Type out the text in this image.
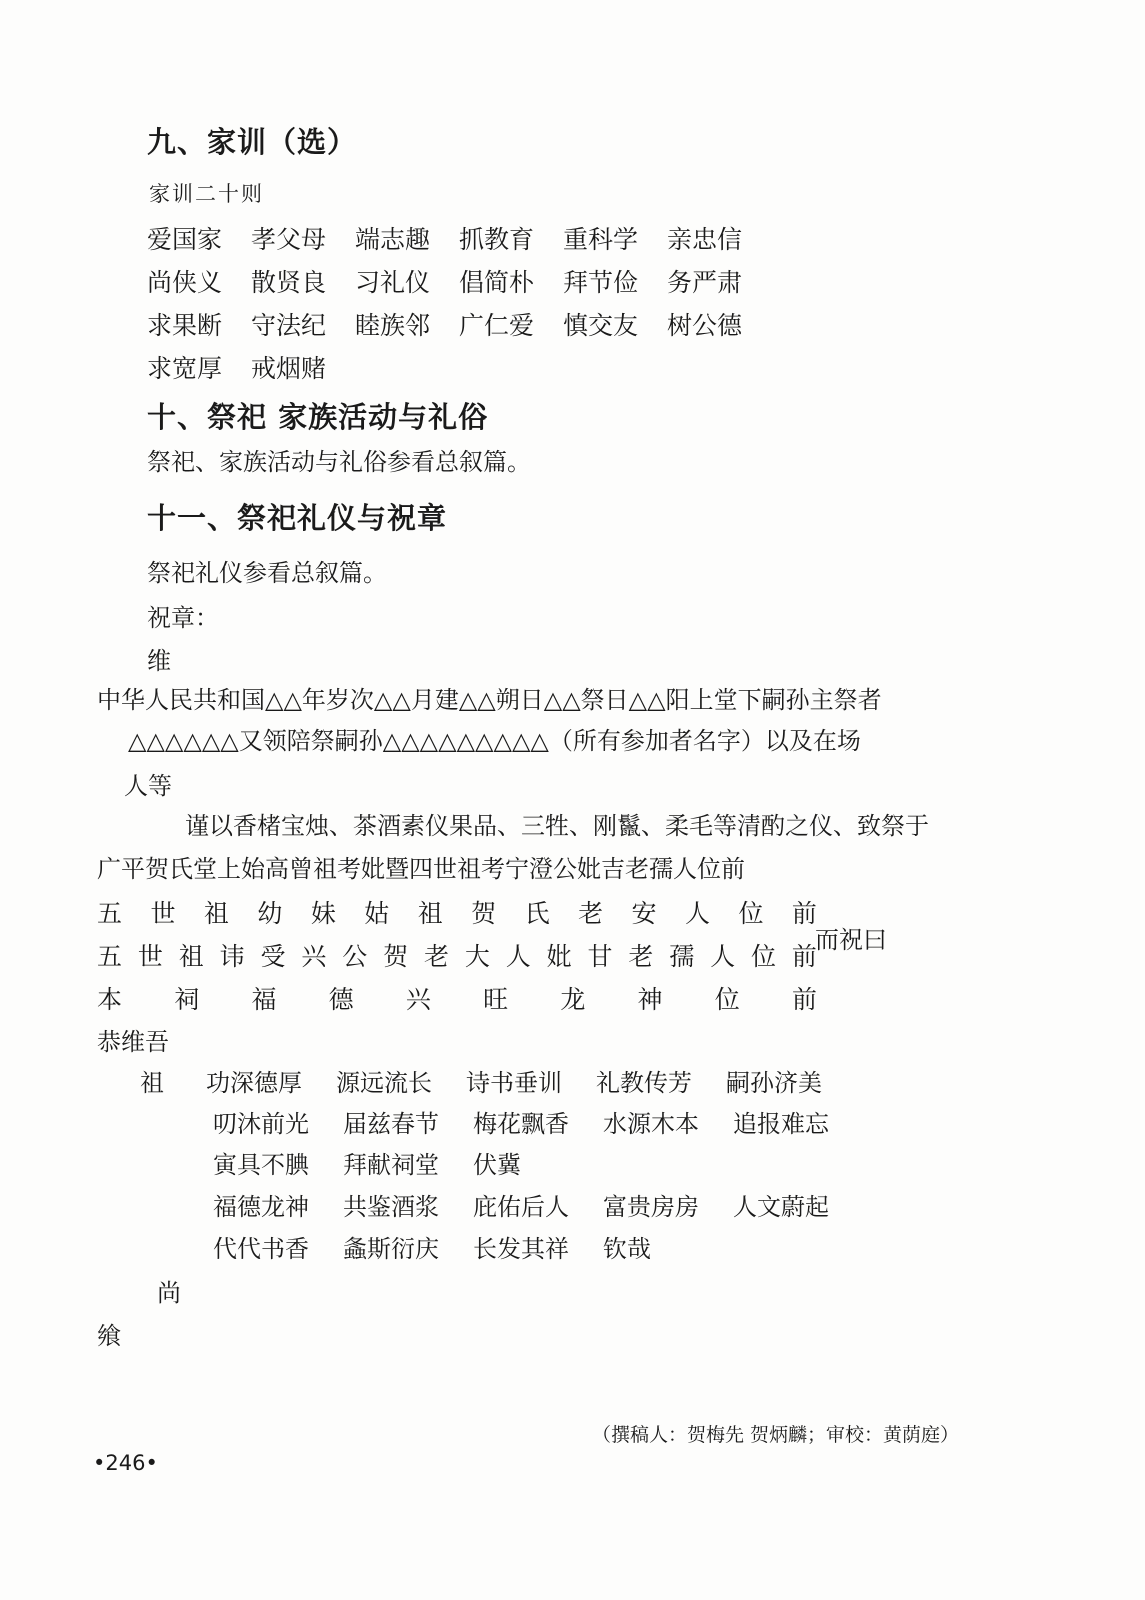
九、家训（选）
家训二十则
爱国家	孝父母	端志趣	抓教育	重科学	亲忠信
尚侠义	散贤良	习礼仪	倡简朴	拜节俭	务严肃
求果断	守法纪	睦族邻	广仁爱	慎交友	树公德
求宽厚	戒烟赌
十、祭祀 家族活动与礼俗
祭祀、家族活动与礼俗参看总叙篇。
十一、祭祀礼仪与祝章
祭祀礼仪参看总叙篇。
祝章：
维
中华人民共和国△△年岁次△△月建△△朔日△△祭日△△阳上堂下嗣孙主祭者
△△△△△△又领陪祭嗣孙△△△△△△△△△（所有参加者名字）以及在场
人等
谨以香楮宝烛、茶酒素仪果品、三牲、刚鬣、柔毛等清酌之仪、致祭于
广平贺氏堂上始高曾祖考妣暨四世祖考宁澄公妣吉老孺人位前
五 世 祖 幼 妹 姑 祖 贺 氏 老 安 人 位 前
五 世 祖 讳 受 兴 公 贺 老 大 人 妣 甘 老 孺 人 位 前
本 祠 福 德 兴 旺 龙 神 位 前
而祝曰
恭维吾
祖 功深德厚	源远流长	诗书垂训	礼教传芳	嗣孙济美
叨沐前光	届兹春节	梅花飘香	水源木本	追报难忘
寅具不腆	拜献祠堂	伏冀
福德龙神	共鉴酒浆	庇佑后人	富贵房房	人文蔚起
代代书香	螽斯衍庆	长发其祥	钦哉
尚
飨
（撰稿人：贺梅先 贺炳麟；审校：黄荫庭）
•246•
